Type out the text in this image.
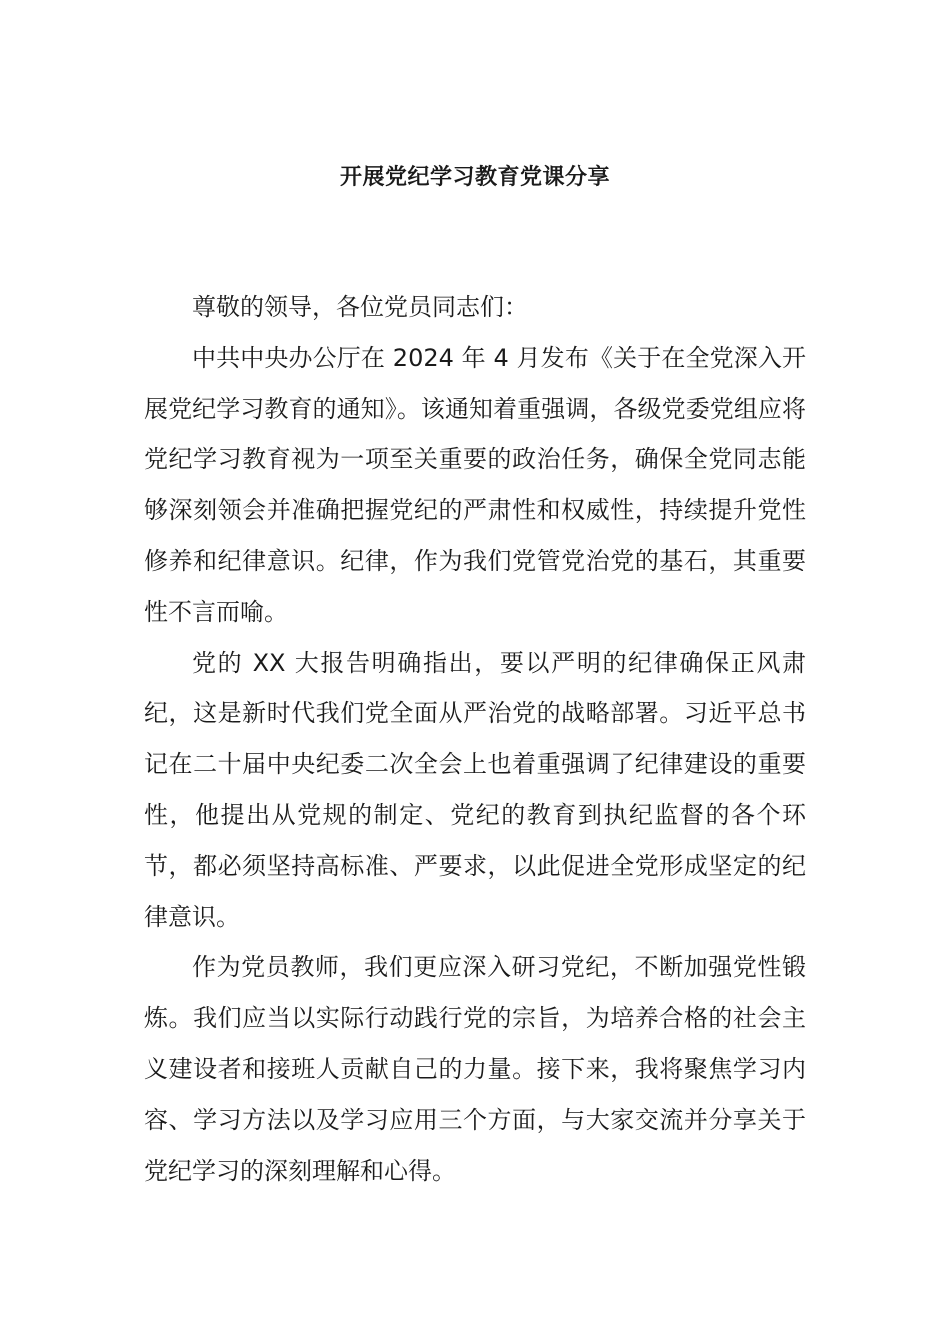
开展党纪学习教育党课分享

尊敬的领导，各位党员同志们：

中共中央办公厅在 2024 年 4 月发布《关于在全党深入开展党纪学习教育的通知》。该通知着重强调，各级党委党组应将党纪学习教育视为一项至关重要的政治任务，确保全党同志能够深刻领会并准确把握党纪的严肃性和权威性，持续提升党性修养和纪律意识。纪律，作为我们党管党治党的基石，其重要性不言而喻。

党的 XX 大报告明确指出，要以严明的纪律确保正风肃纪，这是新时代我们党全面从严治党的战略部署。习近平总书记在二十届中央纪委二次全会上也着重强调了纪律建设的重要性，他提出从党规的制定、党纪的教育到执纪监督的各个环节，都必须坚持高标准、严要求，以此促进全党形成坚定的纪律意识。

作为党员教师，我们更应深入研习党纪，不断加强党性锻炼。我们应当以实际行动践行党的宗旨，为培养合格的社会主义建设者和接班人贡献自己的力量。接下来，我将聚焦学习内容、学习方法以及学习应用三个方面，与大家交流并分享关于党纪学习的深刻理解和心得。
